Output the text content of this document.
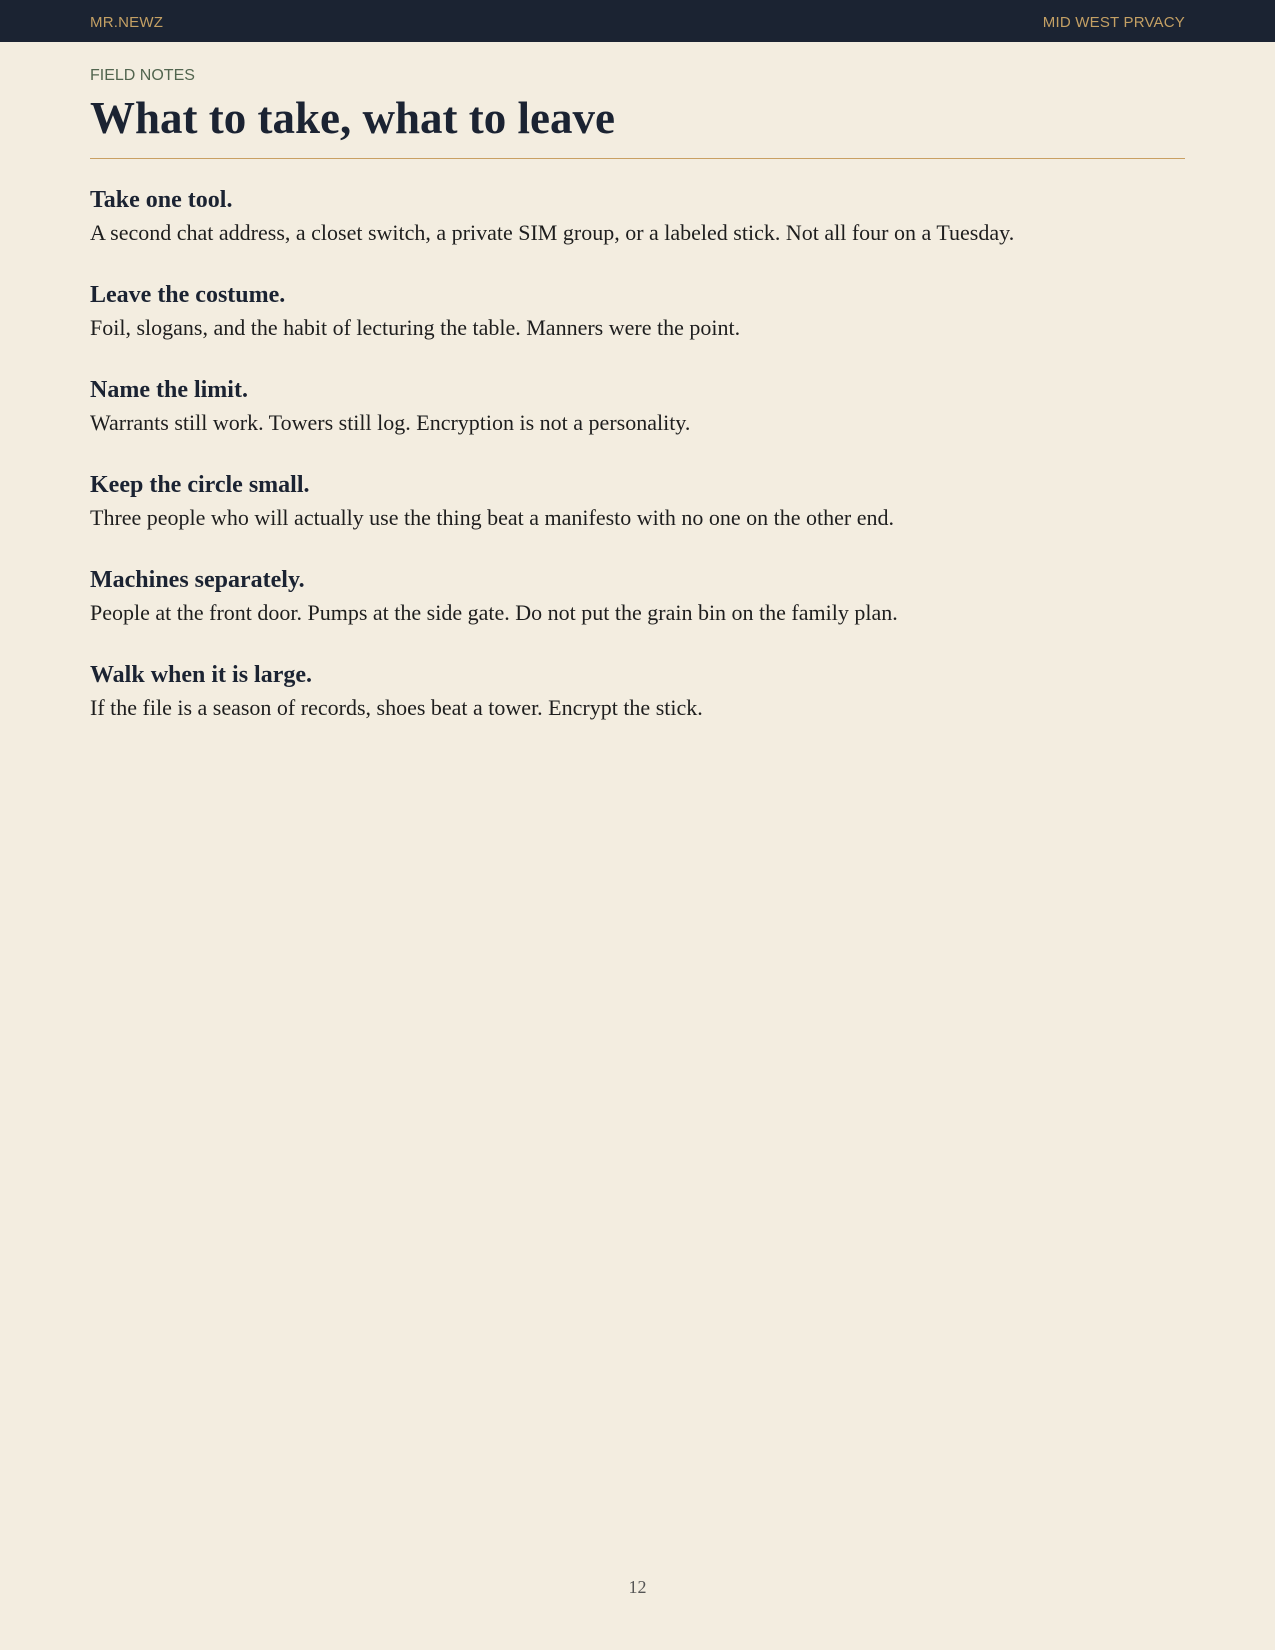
MR.NEWZ	MID WEST PRVACY

FIELD NOTES

What to take, what to leave

Take one tool.

A second chat address, a closet switch, a private SIM group, or a labeled stick. Not all four on a Tuesday.

Leave the costume.

Foil, slogans, and the habit of lecturing the table. Manners were the point.

Name the limit.

Warrants still work. Towers still log. Encryption is not a personality.

Keep the circle small.

Three people who will actually use the thing beat a manifesto with no one on the other end.

Machines separately.

People at the front door. Pumps at the side gate. Do not put the grain bin on the family plan.

Walk when it is large.

If the file is a season of records, shoes beat a tower. Encrypt the stick.

12
